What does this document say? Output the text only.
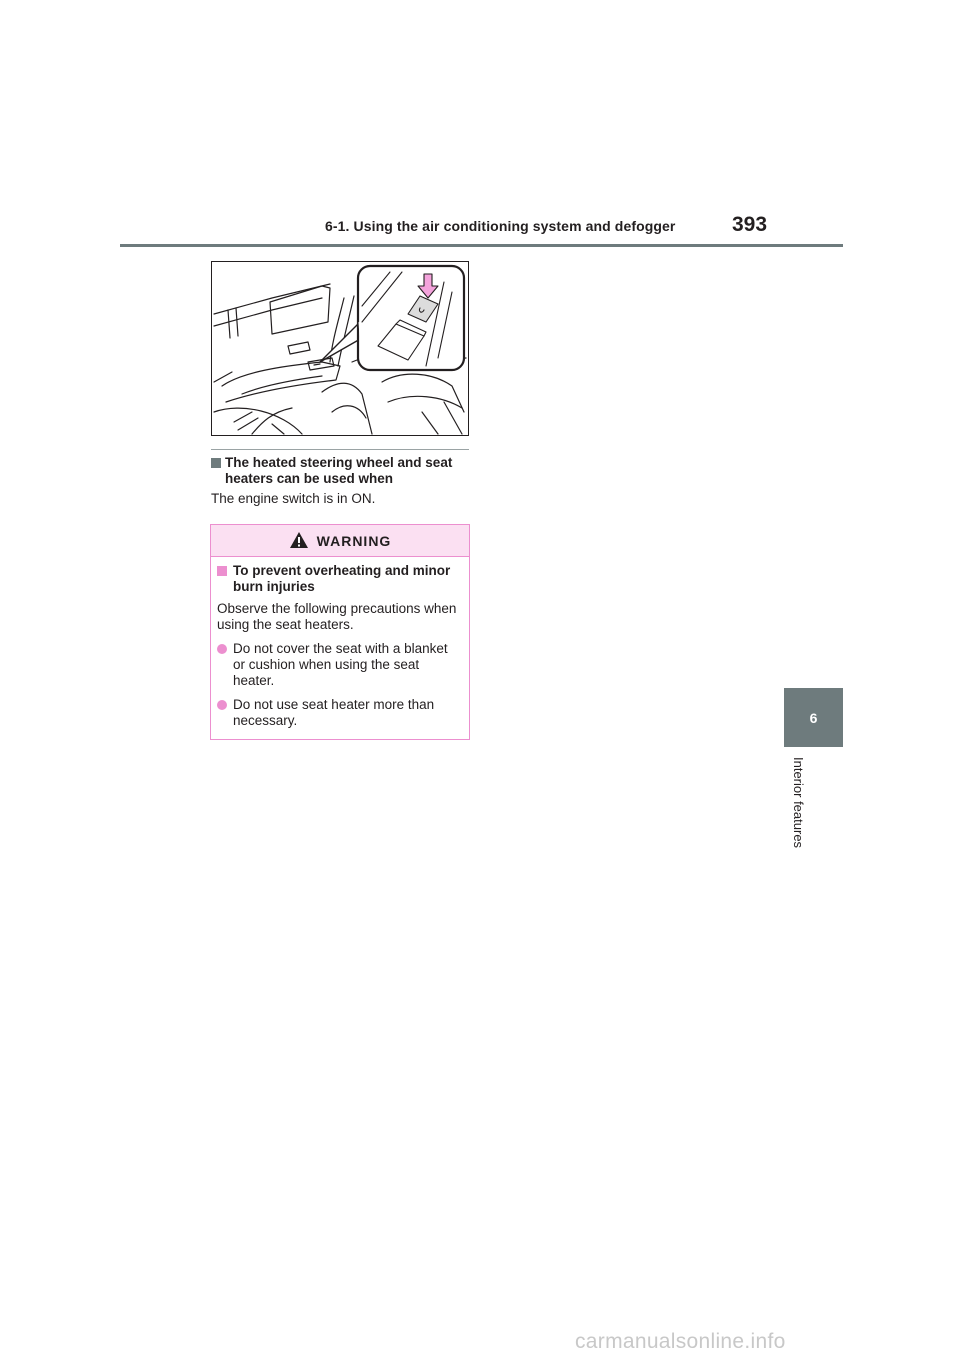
6-1. Using the air conditioning system and defogger	393
6
Interior features
The heated steering wheel and seat heaters can be used when
The engine switch is in ON.
WARNING
To prevent overheating and minor burn injuries
Observe the following precautions when using the seat heaters.
Do not cover the seat with a blanket or cushion when using the seat heater.
Do not use seat heater more than necessary.
carmanualsonline.info
